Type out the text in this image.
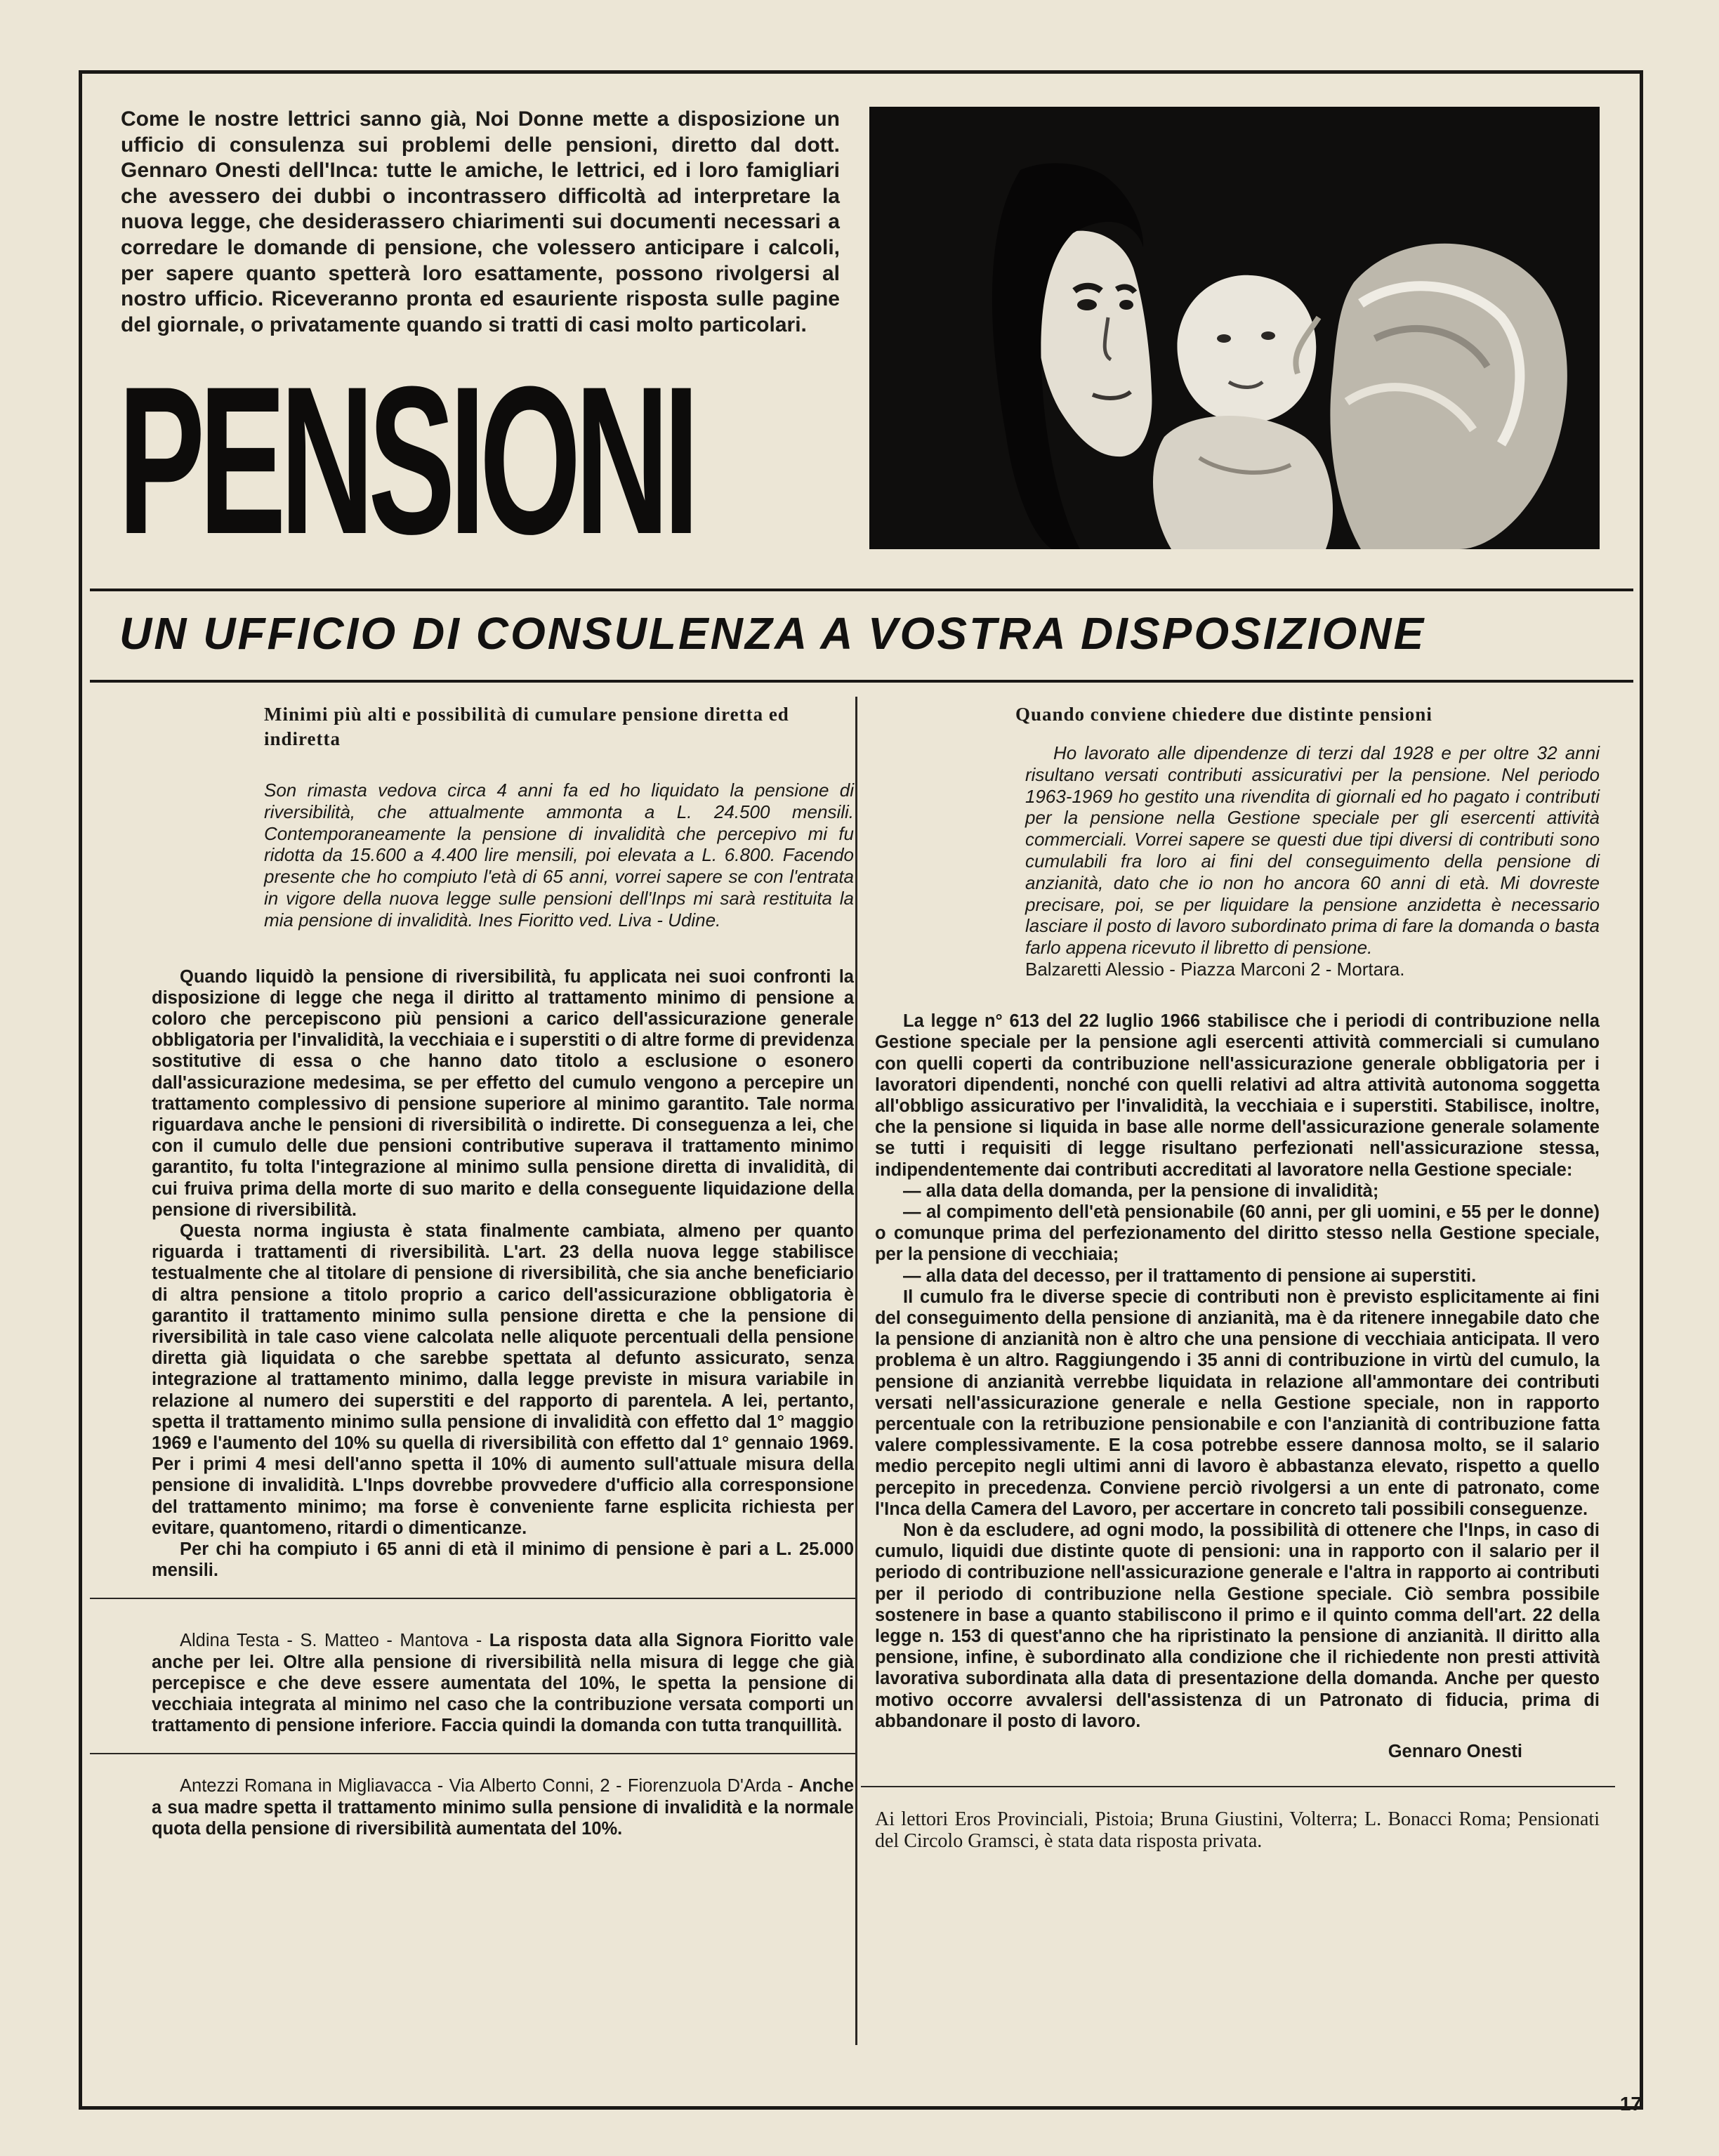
Come le nostre lettrici sanno già, Noi Donne mette a disposizione un ufficio di consulenza sui problemi delle pensioni, diretto dal dott. Gennaro Onesti dell'Inca: tutte le amiche, le lettrici, ed i loro famigliari che avessero dei dubbi o incontrassero difficoltà ad interpretare la nuova legge, che desiderassero chiarimenti sui documenti necessari a corredare le domande di pensione, che volessero anticipare i calcoli, per sapere quanto spetterà loro esattamente, possono rivolgersi al nostro ufficio. Riceveranno pronta ed esauriente risposta sulle pagine del giornale, o privatamente quando si tratti di casi molto particolari.
PENSIONI
UN UFFICIO DI CONSULENZA A VOSTRA DISPOSIZIONE

Minimi più alti e possibilità di cumulare pensione diretta ed indiretta

Son rimasta vedova circa 4 anni fa ed ho liquidato la pensione di riversibilità, che attualmente ammonta a L. 24.500 mensili. Contemporaneamente la pensione di invalidità che percepivo mi fu ridotta da 15.600 a 4.400 lire mensili, poi elevata a L. 6.800. Facendo presente che ho compiuto l'età di 65 anni, vorrei sapere se con l'entrata in vigore della nuova legge sulle pensioni dell'Inps mi sarà restituita la mia pensione di invalidità. Ines Fioritto ved. Liva - Udine.

Quando liquidò la pensione di riversibilità, fu applicata nei suoi confronti la disposizione di legge che nega il diritto al trattamento minimo di pensione a coloro che percepiscono più pensioni a carico dell'assicurazione generale obbligatoria per l'invalidità, la vecchiaia e i superstiti o di altre forme di previdenza sostitutive di essa o che hanno dato titolo a esclusione o esonero dall'assicurazione medesima, se per effetto del cumulo vengono a percepire un trattamento complessivo di pensione superiore al minimo garantito. Tale norma riguardava anche le pensioni di riversibilità o indirette. Di conseguenza a lei, che con il cumulo delle due pensioni contributive superava il trattamento minimo garantito, fu tolta l'integrazione al minimo sulla pensione diretta di invalidità, di cui fruiva prima della morte di suo marito e della conseguente liquidazione della pensione di riversibilità.

Questa norma ingiusta è stata finalmente cambiata, almeno per quanto riguarda i trattamenti di riversibilità. L'art. 23 della nuova legge stabilisce testualmente che al titolare di pensione di riversibilità, che sia anche beneficiario di altra pensione a titolo proprio a carico dell'assicurazione obbligatoria è garantito il trattamento minimo sulla pensione diretta e che la pensione di riversibilità in tale caso viene calcolata nelle aliquote percentuali della pensione diretta già liquidata o che sarebbe spettata al defunto assicurato, senza integrazione al trattamento minimo, dalla legge previste in misura variabile in relazione al numero dei superstiti e del rapporto di parentela. A lei, pertanto, spetta il trattamento minimo sulla pensione di invalidità con effetto dal 1° maggio 1969 e l'aumento del 10% su quella di riversibilità con effetto dal 1° gennaio 1969. Per i primi 4 mesi dell'anno spetta il 10% di aumento sull'attuale misura della pensione di invalidità. L'Inps dovrebbe provvedere d'ufficio alla corresponsione del trattamento minimo; ma forse è conveniente farne esplicita richiesta per evitare, quantomeno, ritardi o dimenticanze.

Per chi ha compiuto i 65 anni di età il minimo di pensione è pari a L. 25.000 mensili.

Aldina Testa - S. Matteo - Mantova - La risposta data alla Signora Fioritto vale anche per lei. Oltre alla pensione di riversibilità nella misura di legge che già percepisce e che deve essere aumentata del 10%, le spetta la pensione di vecchiaia integrata al minimo nel caso che la contribuzione versata comporti un trattamento di pensione inferiore. Faccia quindi la domanda con tutta tranquillità.

Antezzi Romana in Migliavacca - Via Alberto Conni, 2 - Fiorenzuola D'Arda - Anche a sua madre spetta il trattamento minimo sulla pensione di invalidità e la normale quota della pensione di riversibilità aumentata del 10%.

Quando conviene chiedere due distinte pensioni

Ho lavorato alle dipendenze di terzi dal 1928 e per oltre 32 anni risultano versati contributi assicurativi per la pensione. Nel periodo 1963-1969 ho gestito una rivendita di giornali ed ho pagato i contributi per la pensione nella Gestione speciale per gli esercenti attività commerciali. Vorrei sapere se questi due tipi diversi di contributi sono cumulabili fra loro ai fini del conseguimento della pensione di anzianità, dato che io non ho ancora 60 anni di età. Mi dovreste precisare, poi, se per liquidare la pensione anzidetta è necessario lasciare il posto di lavoro subordinato prima di fare la domanda o basta farlo appena ricevuto il libretto di pensione.

Balzaretti Alessio - Piazza Marconi 2 - Mortara.

La legge n° 613 del 22 luglio 1966 stabilisce che i periodi di contribuzione nella Gestione speciale per la pensione agli esercenti attività commerciali si cumulano con quelli coperti da contribuzione nell'assicurazione generale obbligatoria per i lavoratori dipendenti, nonché con quelli relativi ad altra attività autonoma soggetta all'obbligo assicurativo per l'invalidità, la vecchiaia e i superstiti. Stabilisce, inoltre, che la pensione si liquida in base alle norme dell'assicurazione generale solamente se tutti i requisiti di legge risultano perfezionati nell'assicurazione stessa, indipendentemente dai contributi accreditati al lavoratore nella Gestione speciale:

— alla data della domanda, per la pensione di invalidità;

— al compimento dell'età pensionabile (60 anni, per gli uomini, e 55 per le donne) o comunque prima del perfezionamento del diritto stesso nella Gestione speciale, per la pensione di vecchiaia;

— alla data del decesso, per il trattamento di pensione ai superstiti.

Il cumulo fra le diverse specie di contributi non è previsto esplicitamente ai fini del conseguimento della pensione di anzianità, ma è da ritenere innegabile dato che la pensione di anzianità non è altro che una pensione di vecchiaia anticipata. Il vero problema è un altro. Raggiungendo i 35 anni di contribuzione in virtù del cumulo, la pensione di anzianità verrebbe liquidata in relazione all'ammontare dei contributi versati nell'assicurazione generale e nella Gestione speciale, non in rapporto percentuale con la retribuzione pensionabile e con l'anzianità di contribuzione fatta valere complessivamente. E la cosa potrebbe essere dannosa molto, se il salario medio percepito negli ultimi anni di lavoro è abbastanza elevato, rispetto a quello percepito in precedenza. Conviene perciò rivolgersi a un ente di patronato, come l'Inca della Camera del Lavoro, per accertare in concreto tali possibili conseguenze.

Non è da escludere, ad ogni modo, la possibilità di ottenere che l'Inps, in caso di cumulo, liquidi due distinte quote di pensioni: una in rapporto con il salario per il periodo di contribuzione nell'assicurazione generale e l'altra in rapporto ai contributi per il periodo di contribuzione nella Gestione speciale. Ciò sembra possibile sostenere in base a quanto stabiliscono il primo e il quinto comma dell'art. 22 della legge n. 153 di quest'anno che ha ripristinato la pensione di anzianità. Il diritto alla pensione, infine, è subordinato alla condizione che il richiedente non presti attività lavorativa subordinata alla data di presentazione della domanda. Anche per questo motivo occorre avvalersi dell'assistenza di un Patronato di fiducia, prima di abbandonare il posto di lavoro.

Gennaro Onesti

Ai lettori Eros Provinciali, Pistoia; Bruna Giustini, Volterra; L. Bonacci Roma; Pensionati del Circolo Gramsci, è stata data risposta privata.

17
